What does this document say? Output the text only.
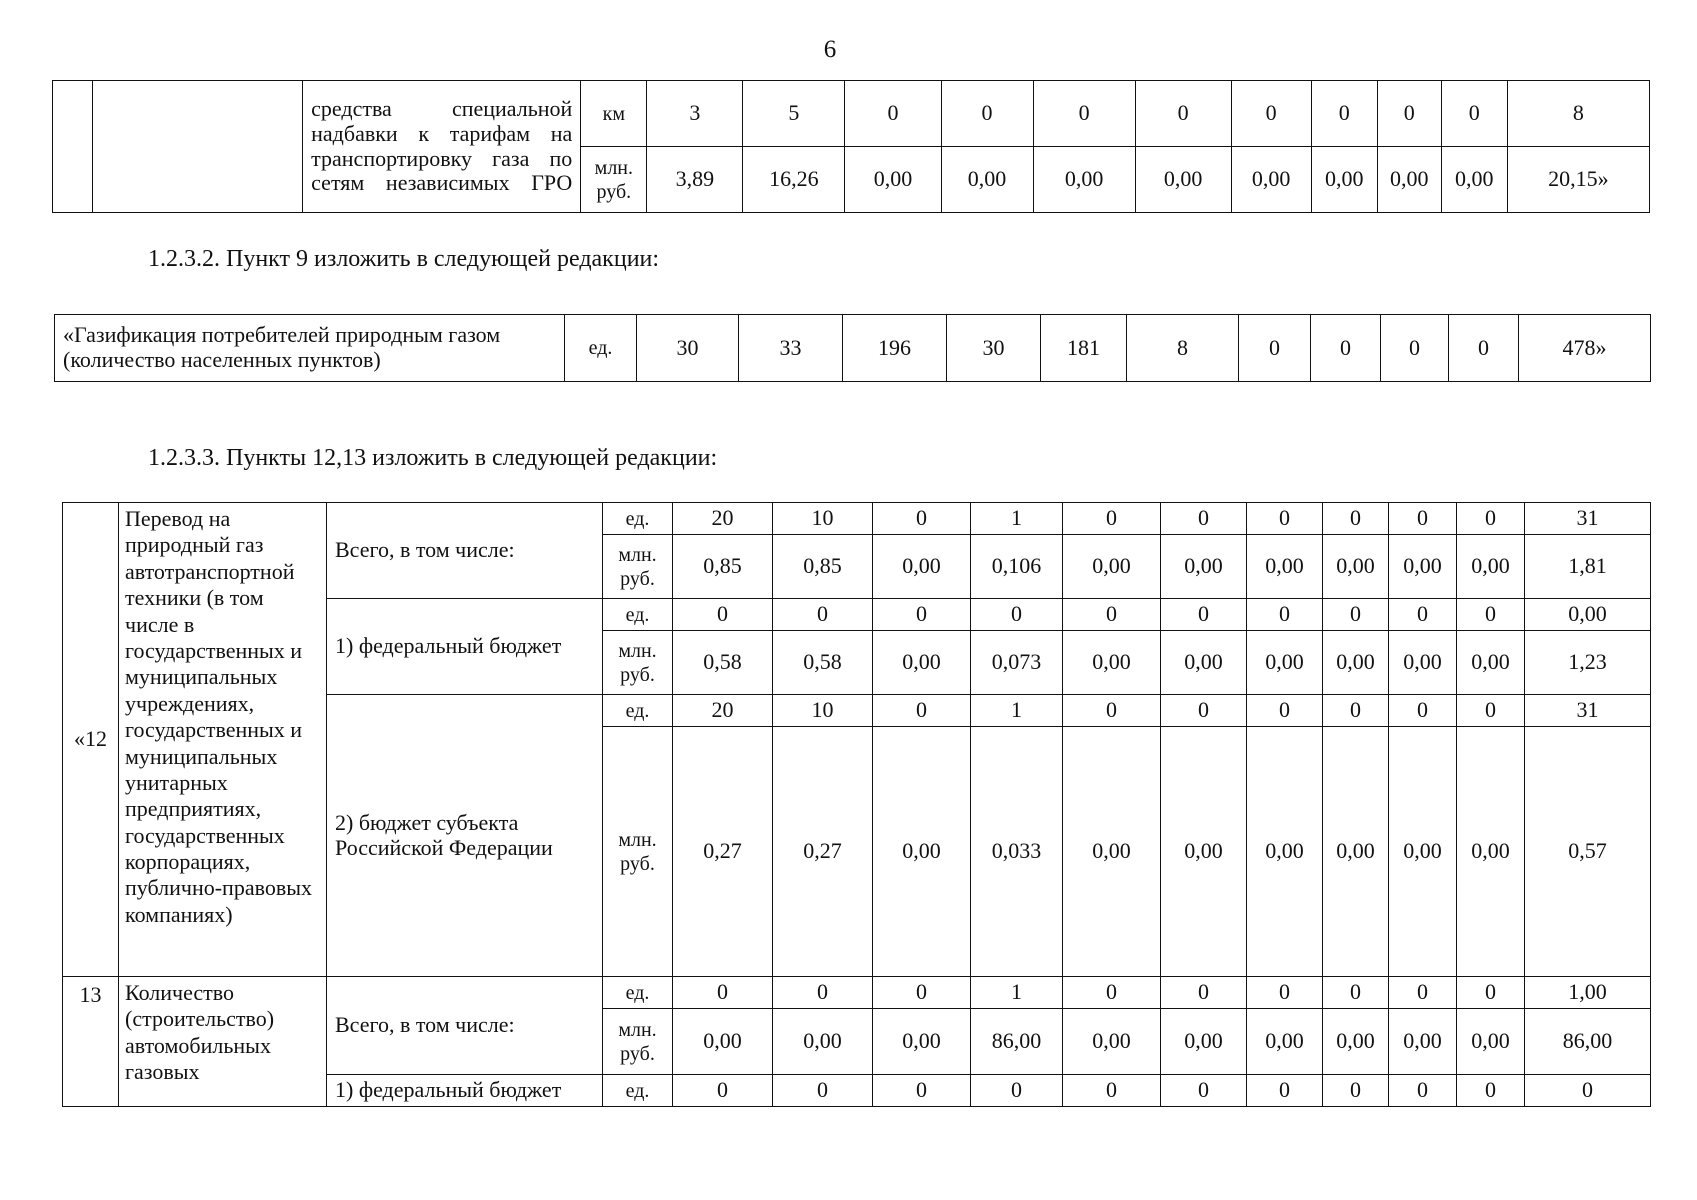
6
		средства специальной надбавки к тарифам на транспортировку газа по сетям независимых ГРО	км	3	5	0	0	0	0	0	0	0	0	8
			млн. руб.	3,89	16,26	0,00	0,00	0,00	0,00	0,00	0,00	0,00	0,00	20,15»
1.2.3.2. Пункт 9 изложить в следующей редакции:
«Газификация потребителей природным газом (количество населенных пунктов)	ед.	30	33	196	30	181	8	0	0	0	0	478»
1.2.3.3. Пункты 12,13 изложить в следующей редакции:
«12	Перевод на природный газ автотранспортной техники (в том числе в государственных и муниципальных учреждениях, государственных и муниципальных унитарных предприятиях, государственных корпорациях, публично-правовых компаниях)	Всего, в том числе:	ед.	20	10	0	1	0	0	0	0	0	0	31
			млн. руб.	0,85	0,85	0,00	0,106	0,00	0,00	0,00	0,00	0,00	0,00	1,81
		1) федеральный бюджет	ед.	0	0	0	0	0	0	0	0	0	0	0,00
			млн. руб.	0,58	0,58	0,00	0,073	0,00	0,00	0,00	0,00	0,00	0,00	1,23
		2) бюджет субъекта Российской Федерации	ед.	20	10	0	1	0	0	0	0	0	0	31
			млн. руб.	0,27	0,27	0,00	0,033	0,00	0,00	0,00	0,00	0,00	0,00	0,57
13	Количество (строительство) автомобильных газовых	Всего, в том числе:	ед.	0	0	0	1	0	0	0	0	0	0	1,00
			млн. руб.	0,00	0,00	0,00	86,00	0,00	0,00	0,00	0,00	0,00	0,00	86,00
		1) федеральный бюджет	ед.	0	0	0	0	0	0	0	0	0	0	0
